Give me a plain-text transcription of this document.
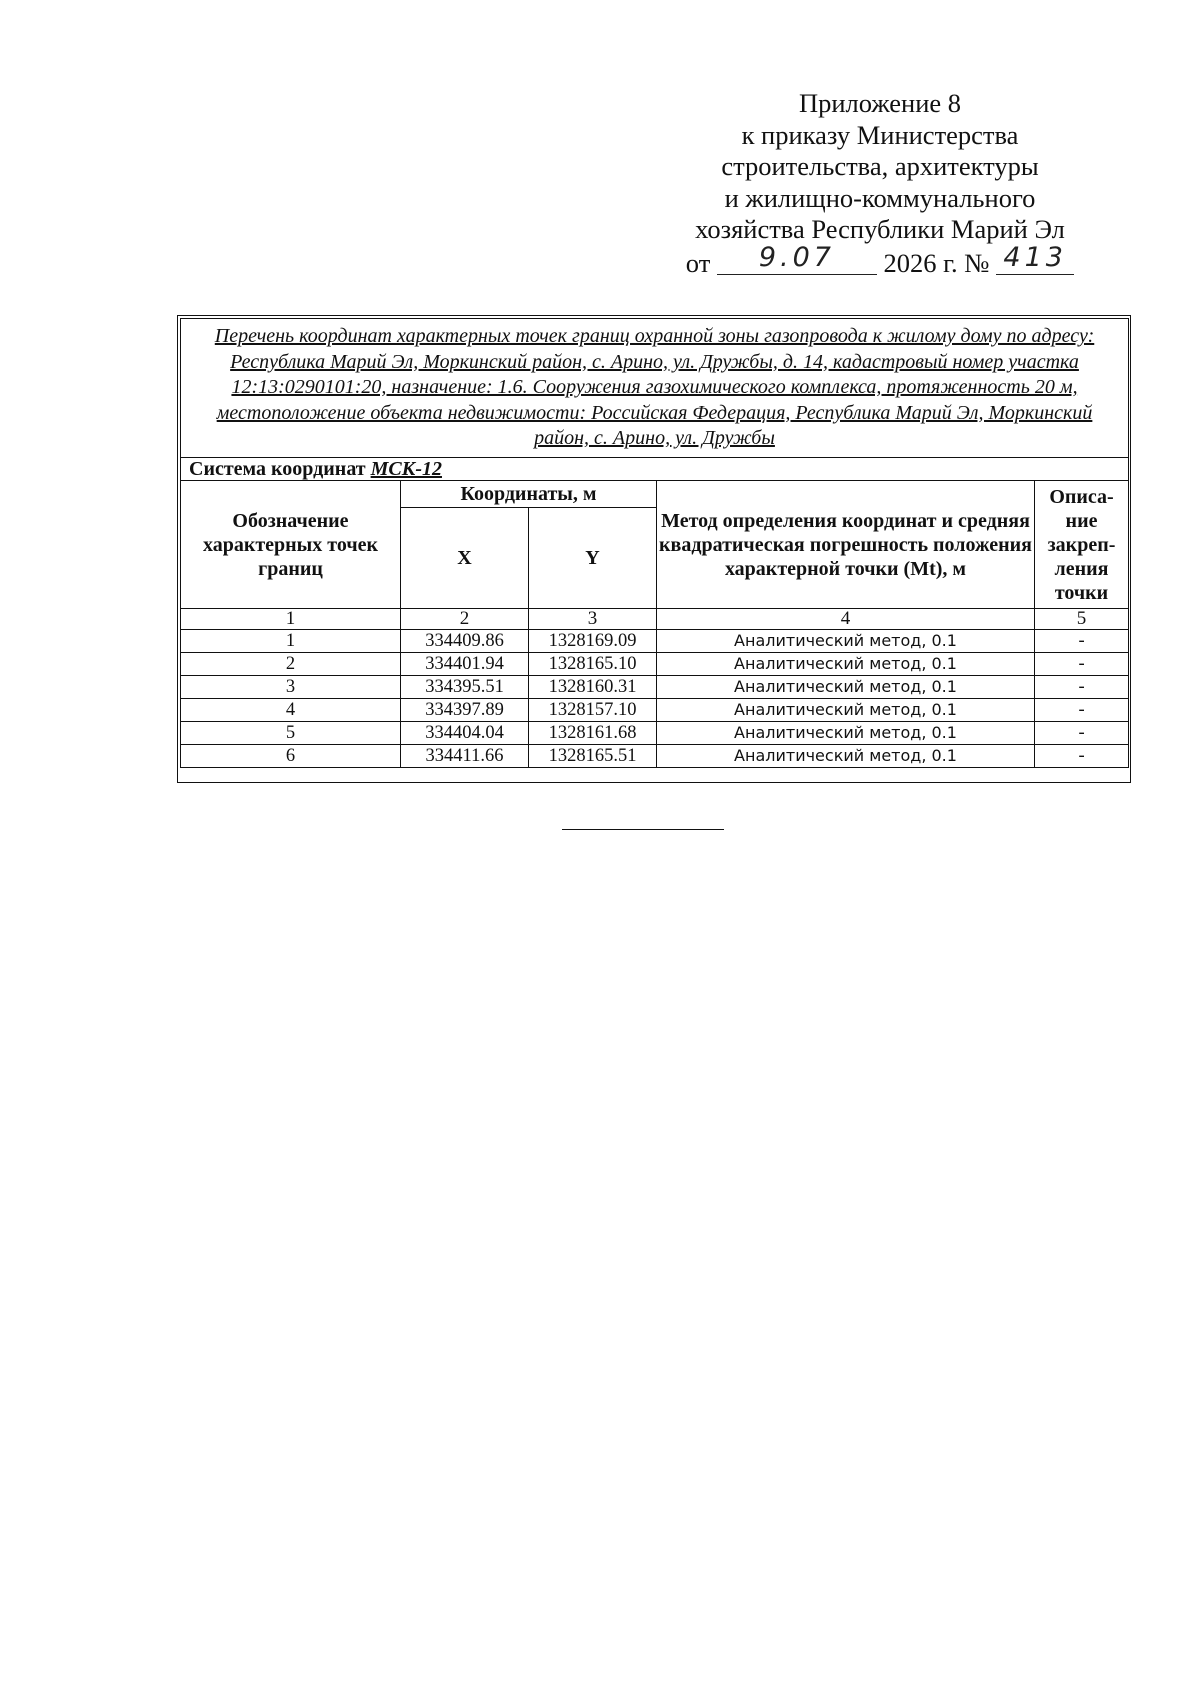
Приложение 8
к приказу Министерства
строительства, архитектуры
и жилищно-коммунального
хозяйства Республики Марий Эл
от 9.07 2026 г. № 413
Перечень координат характерных точек границ охранной зоны газопровода к жилому дому по адресу: Республика Марий Эл, Моркинский район, с. Арино, ул. Дружбы, д. 14, кадастровый номер участка 12:13:0290101:20, назначение: 1.6. Сооружения газохимического комплекса, протяженность 20 м, местоположение объекта недвижимости: Российская Федерация, Республика Марий Эл, Моркинский район, с. Арино, ул. Дружбы				
Система координат МСК-12				
Обозначение характерных точек границ	Координаты, м		Метод определения координат и средняя квадратическая погрешность положения характерной точки (Mt), м	Описа-ние закреп-ления точки
	X	Y		
1	2	3	4	5
1	334409.86	1328169.09	Аналитический метод, 0.1	-
2	334401.94	1328165.10	Аналитический метод, 0.1	-
3	334395.51	1328160.31	Аналитический метод, 0.1	-
4	334397.89	1328157.10	Аналитический метод, 0.1	-
5	334404.04	1328161.68	Аналитический метод, 0.1	-
6	334411.66	1328165.51	Аналитический метод, 0.1	-
